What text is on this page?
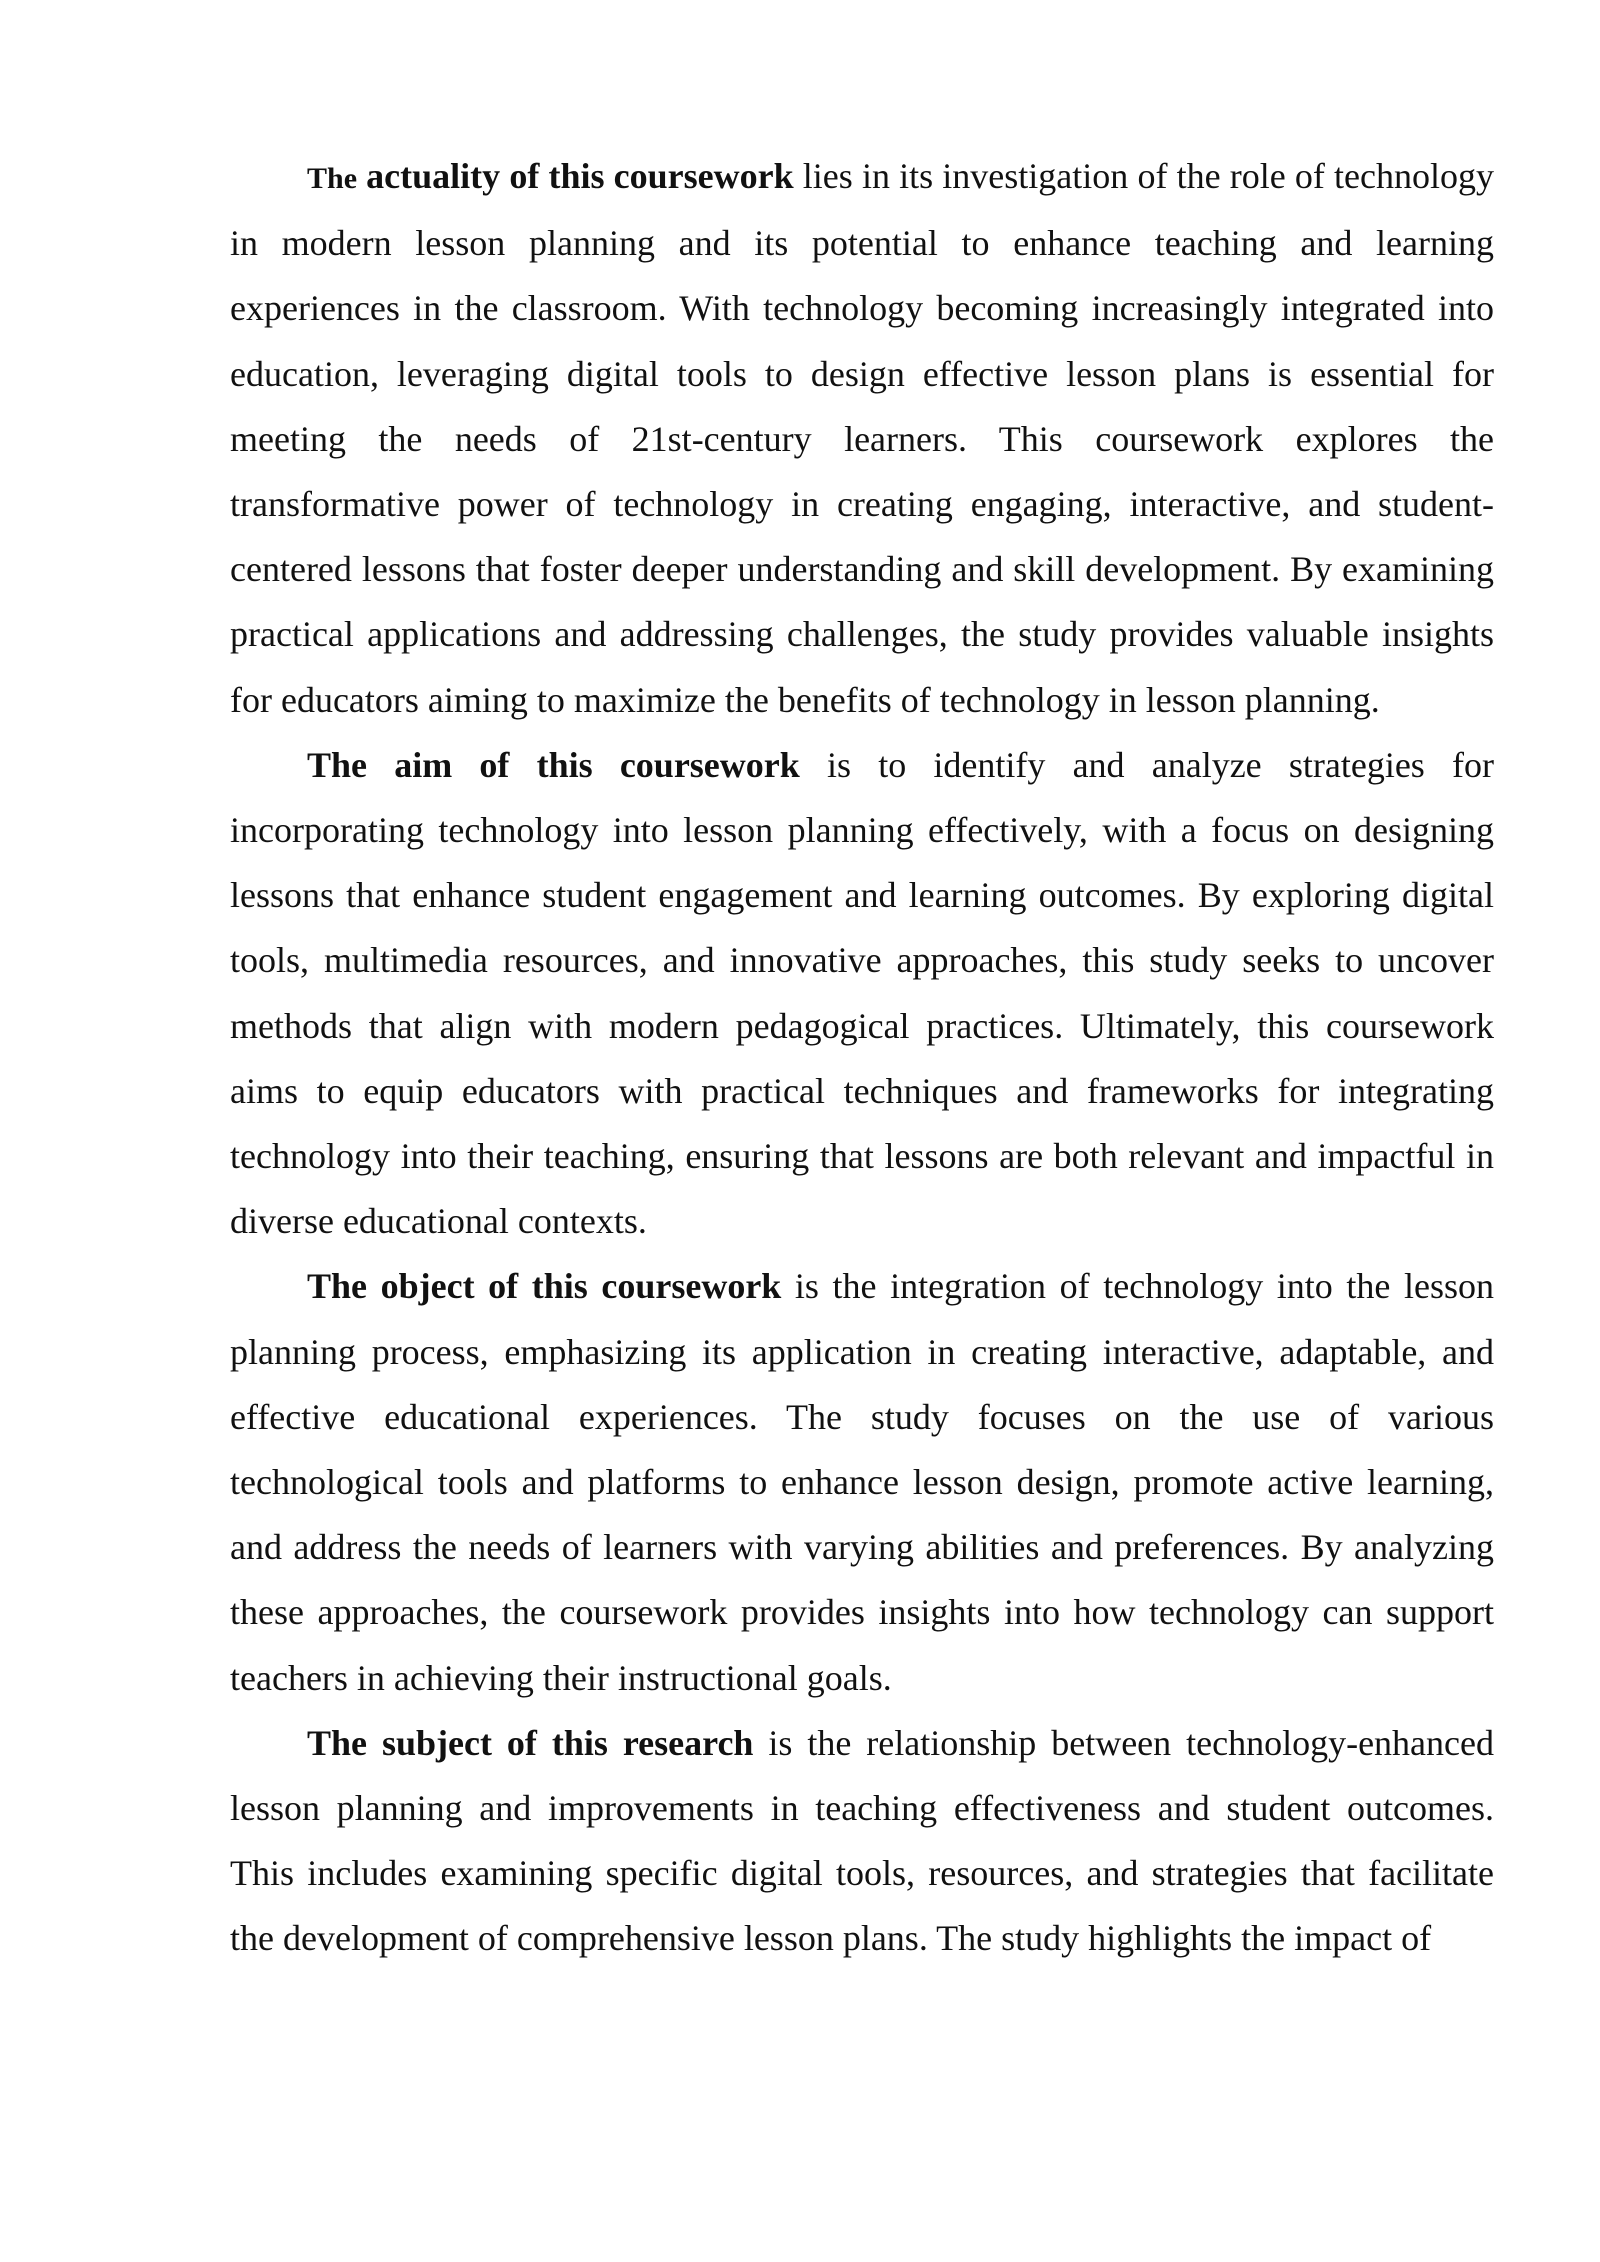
The actuality of this coursework lies in its investigation of the role of technology in modern lesson planning and its potential to enhance teaching and learning experiences in the classroom. With technology becoming increasingly integrated into education, leveraging digital tools to design effective lesson plans is essential for meeting the needs of 21st-century learners. This coursework explores the transformative power of technology in creating engaging, interactive, and student-centered lessons that foster deeper understanding and skill development. By examining practical applications and addressing challenges, the study provides valuable insights for educators aiming to maximize the benefits of technology in lesson planning.

The aim of this coursework is to identify and analyze strategies for incorporating technology into lesson planning effectively, with a focus on designing lessons that enhance student engagement and learning outcomes. By exploring digital tools, multimedia resources, and innovative approaches, this study seeks to uncover methods that align with modern pedagogical practices. Ultimately, this coursework aims to equip educators with practical techniques and frameworks for integrating technology into their teaching, ensuring that lessons are both relevant and impactful in diverse educational contexts.

The object of this coursework is the integration of technology into the lesson planning process, emphasizing its application in creating interactive, adaptable, and effective educational experiences. The study focuses on the use of various technological tools and platforms to enhance lesson design, promote active learning, and address the needs of learners with varying abilities and preferences. By analyzing these approaches, the coursework provides insights into how technology can support teachers in achieving their instructional goals.

The subject of this research is the relationship between technology-enhanced lesson planning and improvements in teaching effectiveness and student outcomes. This includes examining specific digital tools, resources, and strategies that facilitate the development of comprehensive lesson plans. The study highlights the impact of
